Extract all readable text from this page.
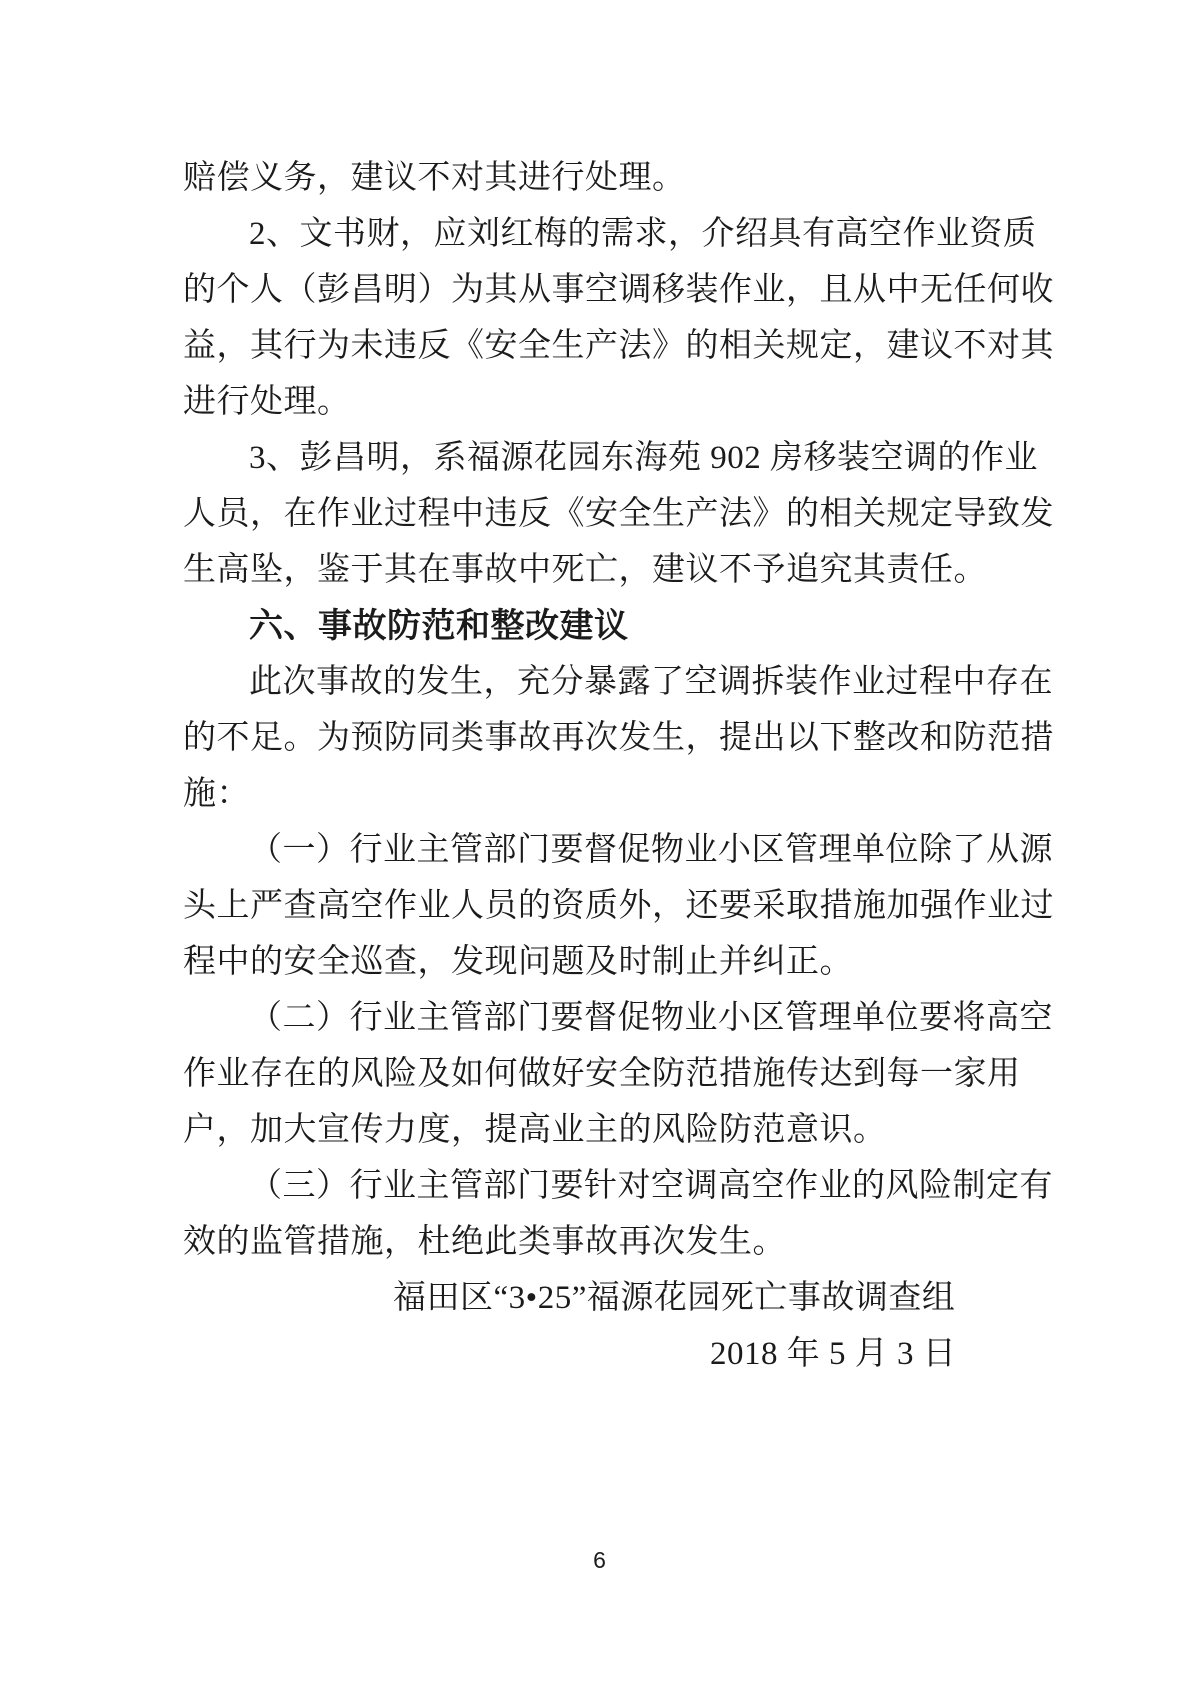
赔偿义务，建议不对其进行处理。
2、文书财，应刘红梅的需求，介绍具有高空作业资质
的个人（彭昌明）为其从事空调移装作业，且从中无任何收
益，其行为未违反《安全生产法》的相关规定，建议不对其
进行处理。
3、彭昌明，系福源花园东海苑 902 房移装空调的作业
人员，在作业过程中违反《安全生产法》的相关规定导致发
生高坠，鉴于其在事故中死亡，建议不予追究其责任。
六、事故防范和整改建议
此次事故的发生，充分暴露了空调拆装作业过程中存在
的不足。为预防同类事故再次发生，提出以下整改和防范措
施：
（一）行业主管部门要督促物业小区管理单位除了从源
头上严查高空作业人员的资质外，还要采取措施加强作业过
程中的安全巡查，发现问题及时制止并纠正。
（二）行业主管部门要督促物业小区管理单位要将高空
作业存在的风险及如何做好安全防范措施传达到每一家用
户，加大宣传力度，提高业主的风险防范意识。
（三）行业主管部门要针对空调高空作业的风险制定有
效的监管措施，杜绝此类事故再次发生。
福田区“3•25”福源花园死亡事故调查组
2018 年 5 月 3 日
6
